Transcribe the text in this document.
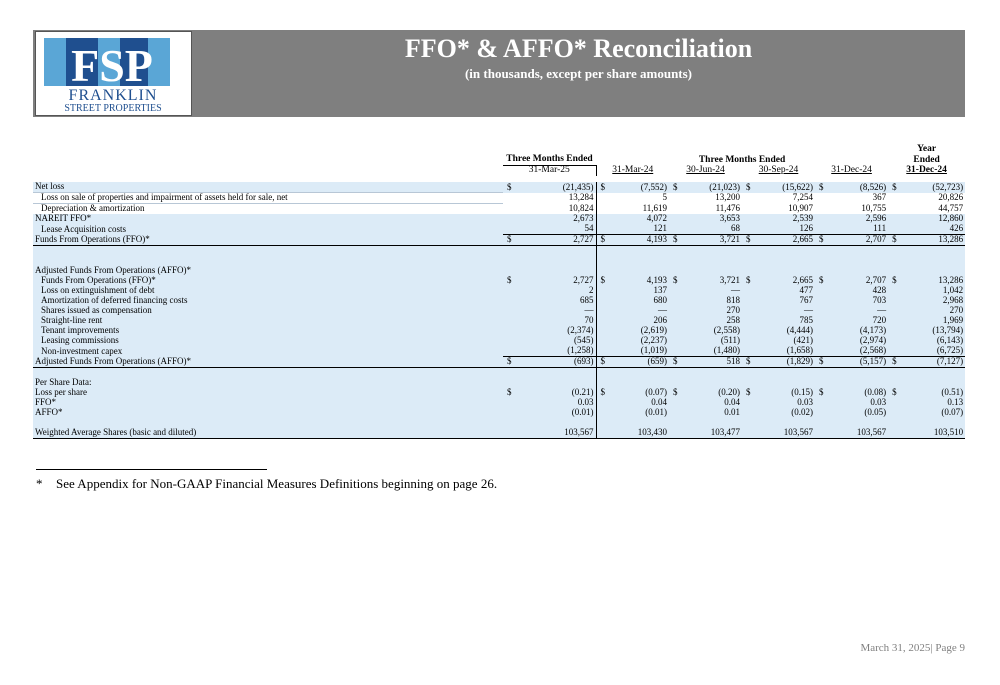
FSP
FRANKLIN
STREET PROPERTIES
FFO* & AFFO* Reconciliation
(in thousands, except per share amounts)
											Year	
	Three Months Ended		Three Months Ended								Ended	
	31-Mar-25		31-Mar-24		30-Jun-24		30-Sep-24		31-Dec-24		31-Dec-24	

Net loss	$	(21,435)	$	(7,552)	$	(21,023)	$	(15,622)	$	(8,526)	$	(52,723)
Loss on sale of properties and impairment of assets held for sale, net		13,284		5		13,200		7,254		367		20,826
Depreciation & amortization		10,824		11,619		11,476		10,907		10,755		44,757
NAREIT FFO*		2,673		4,072		3,653		2,539		2,596		12,860
Lease Acquisition costs		54		121		68		126		111		426
Funds From Operations (FFO)*	$	2,727	$	4,193	$	3,721	$	2,665	$	2,707	$	13,286

Adjusted Funds From Operations (AFFO)*												
Funds From Operations (FFO)*	$	2,727	$	4,193	$	3,721	$	2,665	$	2,707	$	13,286
Loss on extinguishment of debt		2		137		—		477		428		1,042
Amortization of deferred financing costs		685		680		818		767		703		2,968
Shares issued as compensation		—		—		270		—		—		270
Straight-line rent		70		206		258		785		720		1,969
Tenant improvements		(2,374)		(2,619)		(2,558)		(4,444)		(4,173)		(13,794)
Leasing commissions		(545)		(2,237)		(511)		(421)		(2,974)		(6,143)
Non-investment capex		(1,258)		(1,019)		(1,480)		(1,658)		(2,568)		(6,725)
Adjusted Funds From Operations (AFFO)*	$	(693)	$	(659)	$	518	$	(1,829)	$	(5,157)	$	(7,127)

Per Share Data:												
Loss per share	$	(0.21)	$	(0.07)	$	(0.20)	$	(0.15)	$	(0.08)	$	(0.51)
FFO*		0.03		0.04		0.04		0.03		0.03		0.13
AFFO*		(0.01)		(0.01)		0.01		(0.02)		(0.05)		(0.07)

Weighted Average Shares (basic and diluted)		103,567		103,430		103,477		103,567		103,567		103,510
* See Appendix for Non-GAAP Financial Measures Definitions beginning on page 26.
March 31, 2025| Page 9
